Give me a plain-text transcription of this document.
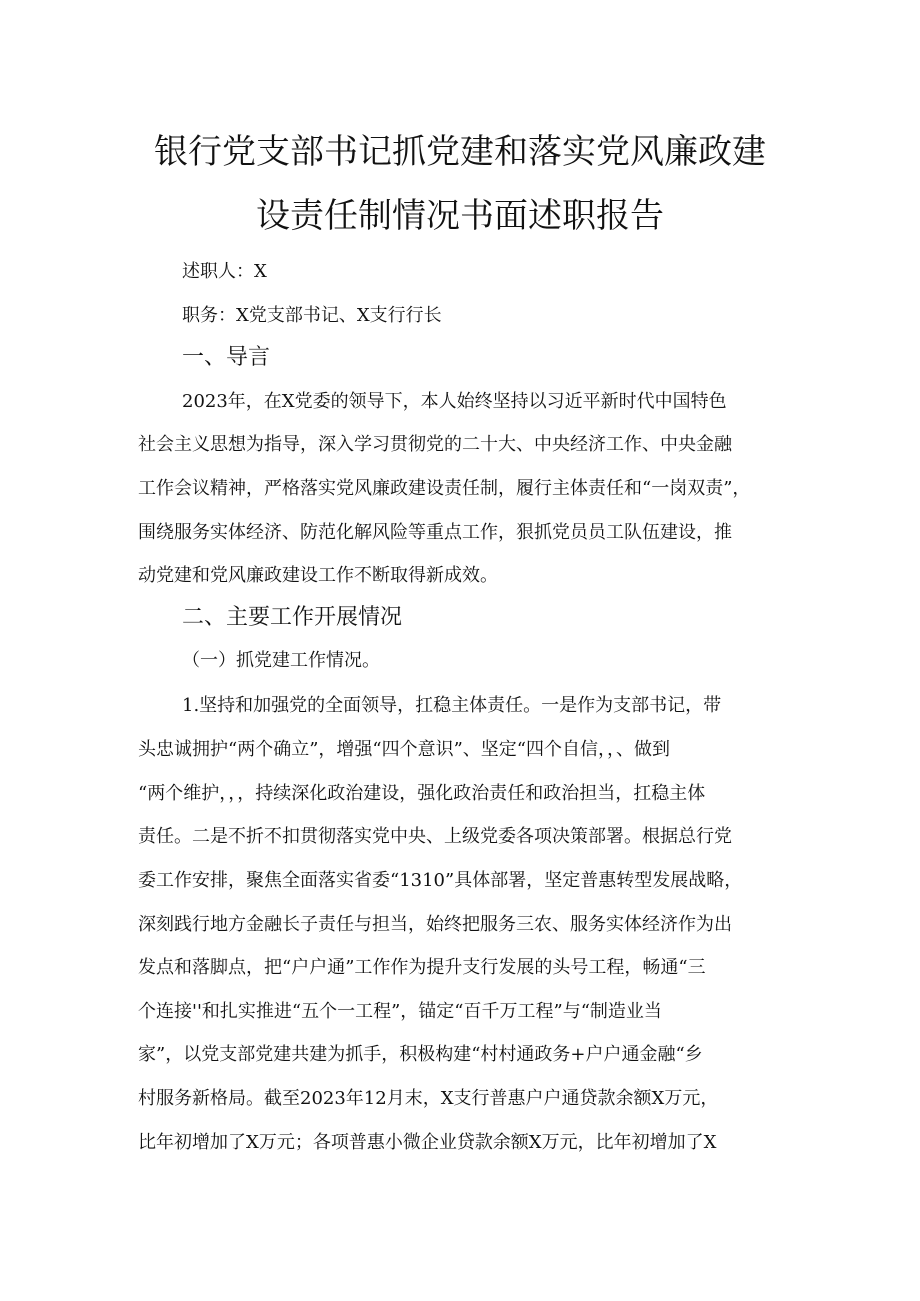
银行党支部书记抓党建和落实党风廉政建
设责任制情况书面述职报告
述职人：X
职务：X党支部书记、X支行行长
一、导言
2023年，在X党委的领导下，本人始终坚持以习近平新时代中国特色
社会主义思想为指导，深入学习贯彻党的二十大、中央经济工作、中央金融
工作会议精神，严格落实党风廉政建设责任制，履行主体责任和“一岗双责”，
围绕服务实体经济、防范化解风险等重点工作，狠抓党员员工队伍建设，推
动党建和党风廉政建设工作不断取得新成效。
二、主要工作开展情况
（一）抓党建工作情况。
1.坚持和加强党的全面领导，扛稳主体责任。一是作为支部书记，带
头忠诚拥护“两个确立”，增强“四个意识”、坚定“四个自信，，、做到
“两个维护，，，持续深化政治建设，强化政治责任和政治担当，扛稳主体
责任。二是不折不扣贯彻落实党中央、上级党委各项决策部署。根据总行党
委工作安排，聚焦全面落实省委“1310”具体部署，坚定普惠转型发展战略，
深刻践行地方金融长子责任与担当，始终把服务三农、服务实体经济作为出
发点和落脚点，把“户户通”工作作为提升支行发展的头号工程，畅通“三
个连接''和扎实推进“五个一工程”，锚定“百千万工程”与“制造业当
家”，以党支部党建共建为抓手，积极构建“村村通政务+户户通金融“乡
村服务新格局。截至2023年12月末，X支行普惠户户通贷款余额X万元，
比年初增加了X万元；各项普惠小微企业贷款余额X万元，比年初增加了X
